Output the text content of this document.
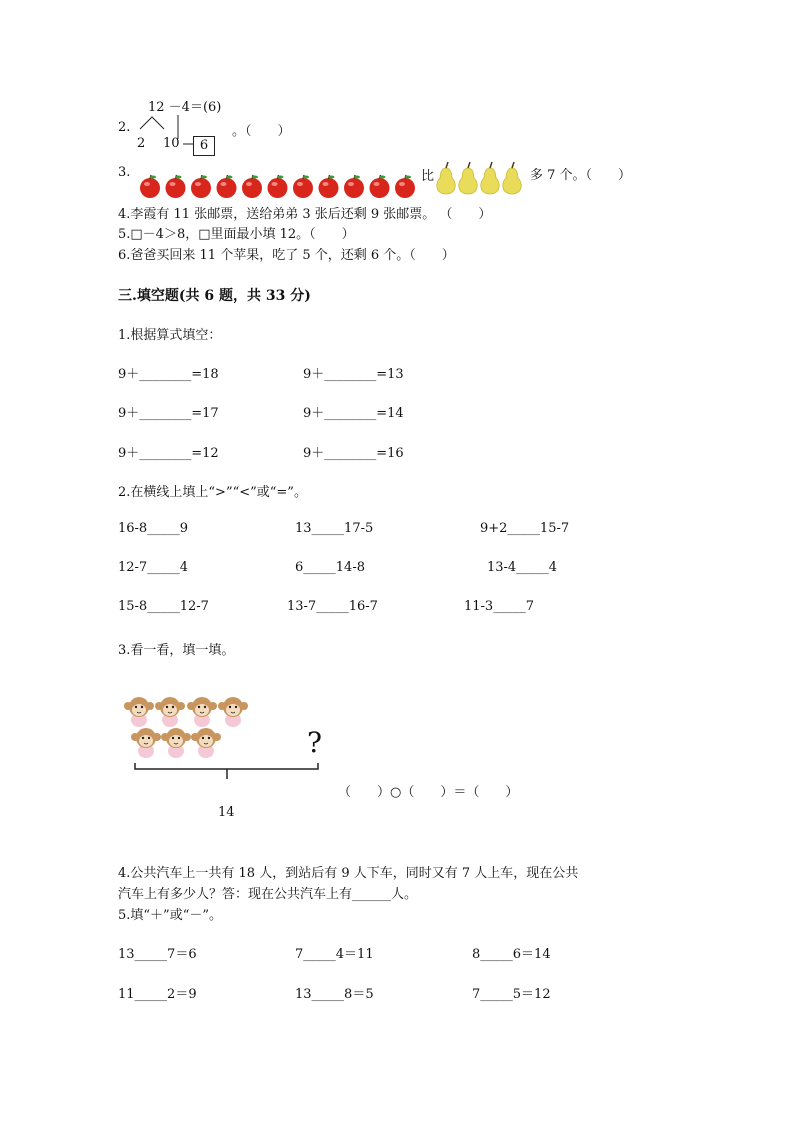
12 －4＝(6)
2.
2 10	6
。（　　）
3.	比	多 7 个。（　　）
4.李霞有 11 张邮票，送给弟弟 3 张后还剩 9 张邮票。 （　　）
5.□－4＞8，□里面最小填 12。（　　）
6.爸爸买回来 11 个苹果，吃了 5 个，还剩 6 个。（　　）
三.填空题(共 6 题，共 33 分)
1.根据算式填空：
9＋________=18	9＋________=13
9＋________=17	9＋________=14
9＋________=12	9＋________=16
2.在横线上填上“>”“<”或“=”。
16-8_____9	13_____17-5	9+2_____15-7
12-7_____4	6_____14-8	13-4_____4
15-8_____12-7	13-7_____16-7	11-3_____7
3.看一看，填一填。
?
14
（　　）○（　　）＝（　　）
4.公共汽车上一共有 18 人，到站后有 9 人下车，同时又有 7 人上车，现在公共
汽车上有多少人？答：现在公共汽车上有______人。
5.填“＋”或“－”。
13_____7＝6	7_____4＝11	8_____6＝14
11_____2＝9	13_____8＝5	7_____5＝12
